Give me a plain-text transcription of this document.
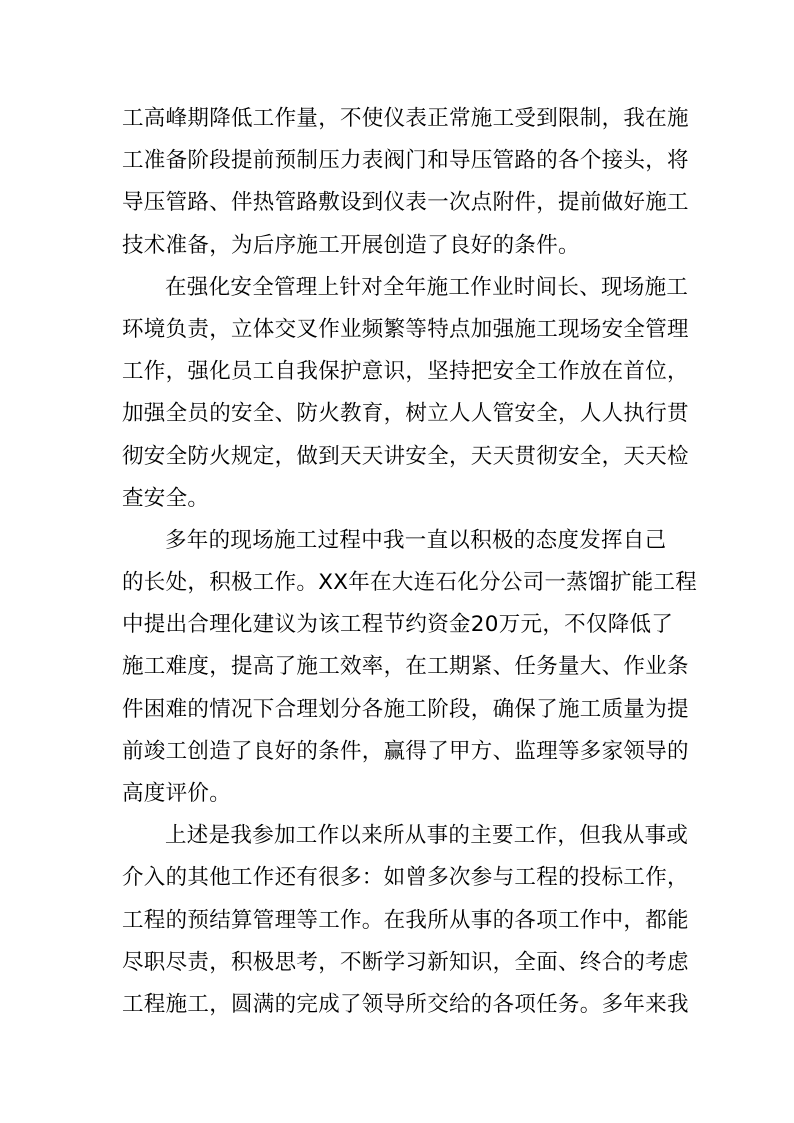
工高峰期降低工作量，不使仪表正常施工受到限制，我在施
工准备阶段提前预制压力表阀门和导压管路的各个接头，将
导压管路、伴热管路敷设到仪表一次点附件，提前做好施工
技术准备，为后序施工开展创造了良好的条件。
在强化安全管理上针对全年施工作业时间长、现场施工
环境负责，立体交叉作业频繁等特点加强施工现场安全管理
工作，强化员工自我保护意识，坚持把安全工作放在首位，
加强全员的安全、防火教育，树立人人管安全，人人执行贯
彻安全防火规定，做到天天讲安全，天天贯彻安全，天天检
查安全。
多年的现场施工过程中我一直以积极的态度发挥自己
的长处，积极工作。XX年在大连石化分公司一蒸馏扩能工程
中提出合理化建议为该工程节约资金20万元，不仅降低了
施工难度，提高了施工效率，在工期紧、任务量大、作业条
件困难的情况下合理划分各施工阶段，确保了施工质量为提
前竣工创造了良好的条件，赢得了甲方、监理等多家领导的
高度评价。
上述是我参加工作以来所从事的主要工作，但我从事或
介入的其他工作还有很多：如曾多次参与工程的投标工作，
工程的预结算管理等工作。在我所从事的各项工作中，都能
尽职尽责，积极思考，不断学习新知识，全面、终合的考虑
工程施工，圆满的完成了领导所交给的各项任务。多年来我
